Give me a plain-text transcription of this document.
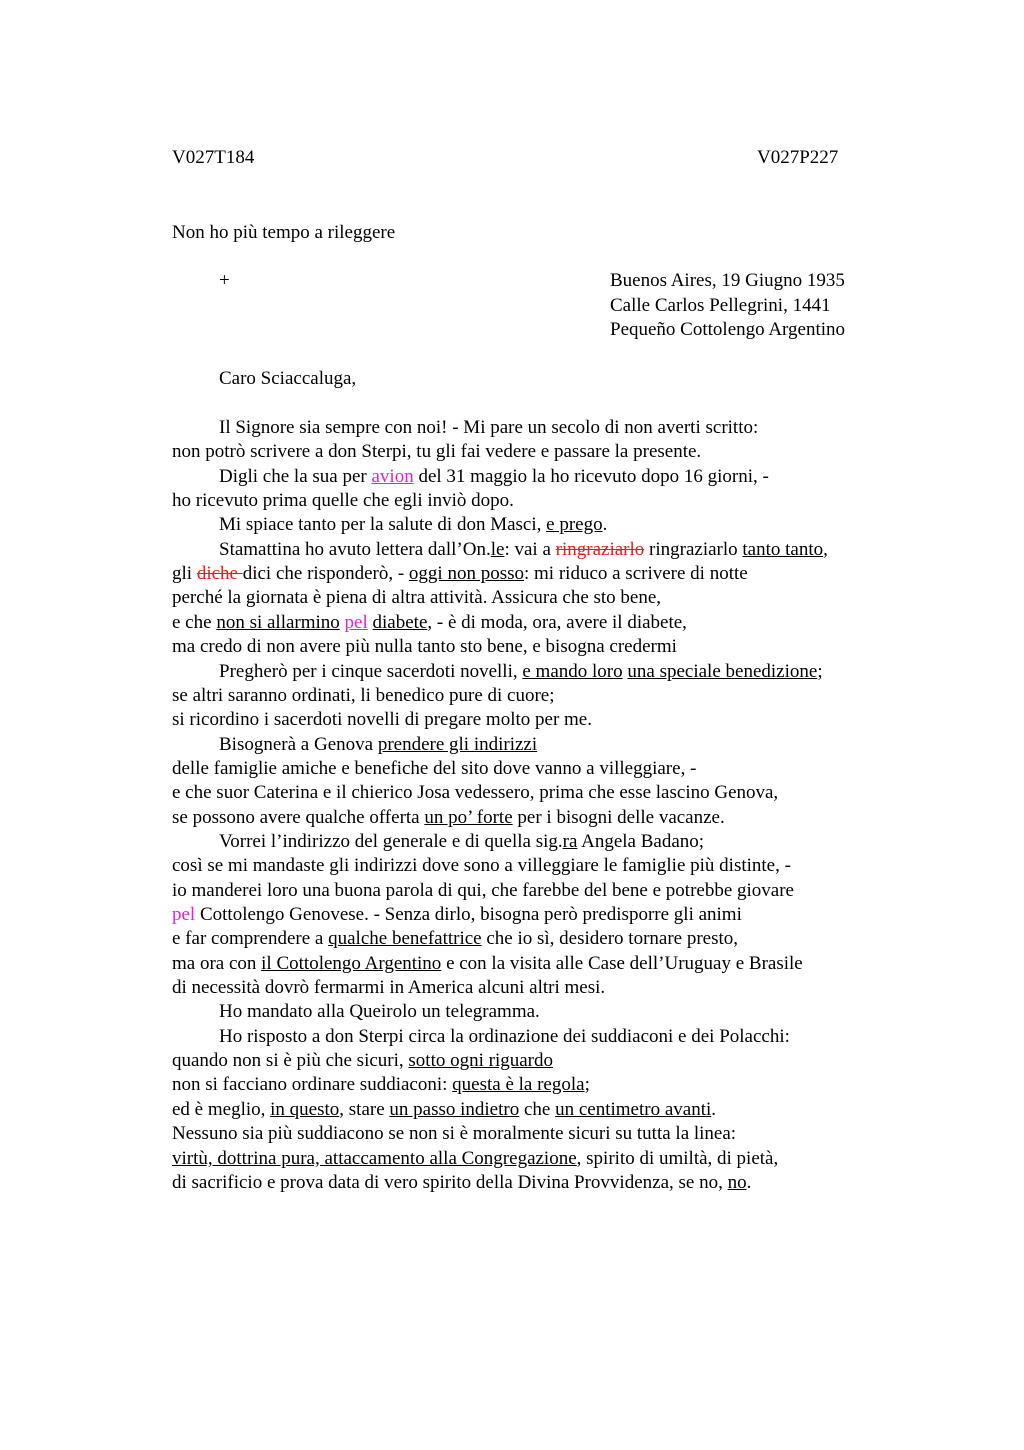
V027T184	V027P227
Non ho più tempo a rileggere
+	Buenos Aires, 19 Giugno 1935
Calle Carlos Pellegrini, 1441
Pequeño Cottolengo Argentino
Caro Sciaccaluga,
Il Signore sia sempre con noi! - Mi pare un secolo di non averti scritto:
non potrò scrivere a don Sterpi, tu gli fai vedere e passare la presente.
Digli che la sua per avion del 31 maggio la ho ricevuto dopo 16 giorni, -
ho ricevuto prima quelle che egli inviò dopo.
Mi spiace tanto per la salute di don Masci, e prego.
Stamattina ho avuto lettera dall’On.le: vai a ringraziarlo ringraziarlo tanto tanto,
gli diche dici che risponderò, - oggi non posso: mi riduco a scrivere di notte
perché la giornata è piena di altra attività. Assicura che sto bene,
e che non si allarmino pel diabete, - è di moda, ora, avere il diabete,
ma credo di non avere più nulla tanto sto bene, e bisogna credermi
Pregherò per i cinque sacerdoti novelli, e mando loro una speciale benedizione;
se altri saranno ordinati, li benedico pure di cuore;
si ricordino i sacerdoti novelli di pregare molto per me.
Bisognerà a Genova prendere gli indirizzi
delle famiglie amiche e benefiche del sito dove vanno a villeggiare, -
e che suor Caterina e il chierico Josa vedessero, prima che esse lascino Genova,
se possono avere qualche offerta un po’ forte per i bisogni delle vacanze.
Vorrei l’indirizzo del generale e di quella sig.ra Angela Badano;
così se mi mandaste gli indirizzi dove sono a villeggiare le famiglie più distinte, -
io manderei loro una buona parola di qui, che farebbe del bene e potrebbe giovare
pel Cottolengo Genovese. - Senza dirlo, bisogna però predisporre gli animi
e far comprendere a qualche benefattrice che io sì, desidero tornare presto,
ma ora con il Cottolengo Argentino e con la visita alle Case dell’Uruguay e Brasile
di necessità dovrò fermarmi in America alcuni altri mesi.
Ho mandato alla Queirolo un telegramma.
Ho risposto a don Sterpi circa la ordinazione dei suddiaconi e dei Polacchi:
quando non si è più che sicuri, sotto ogni riguardo
non si facciano ordinare suddiaconi: questa è la regola;
ed è meglio, in questo, stare un passo indietro che un centimetro avanti.
Nessuno sia più suddiacono se non si è moralmente sicuri su tutta la linea:
virtù, dottrina pura, attaccamento alla Congregazione, spirito di umiltà, di pietà,
di sacrificio e prova data di vero spirito della Divina Provvidenza, se no, no.
